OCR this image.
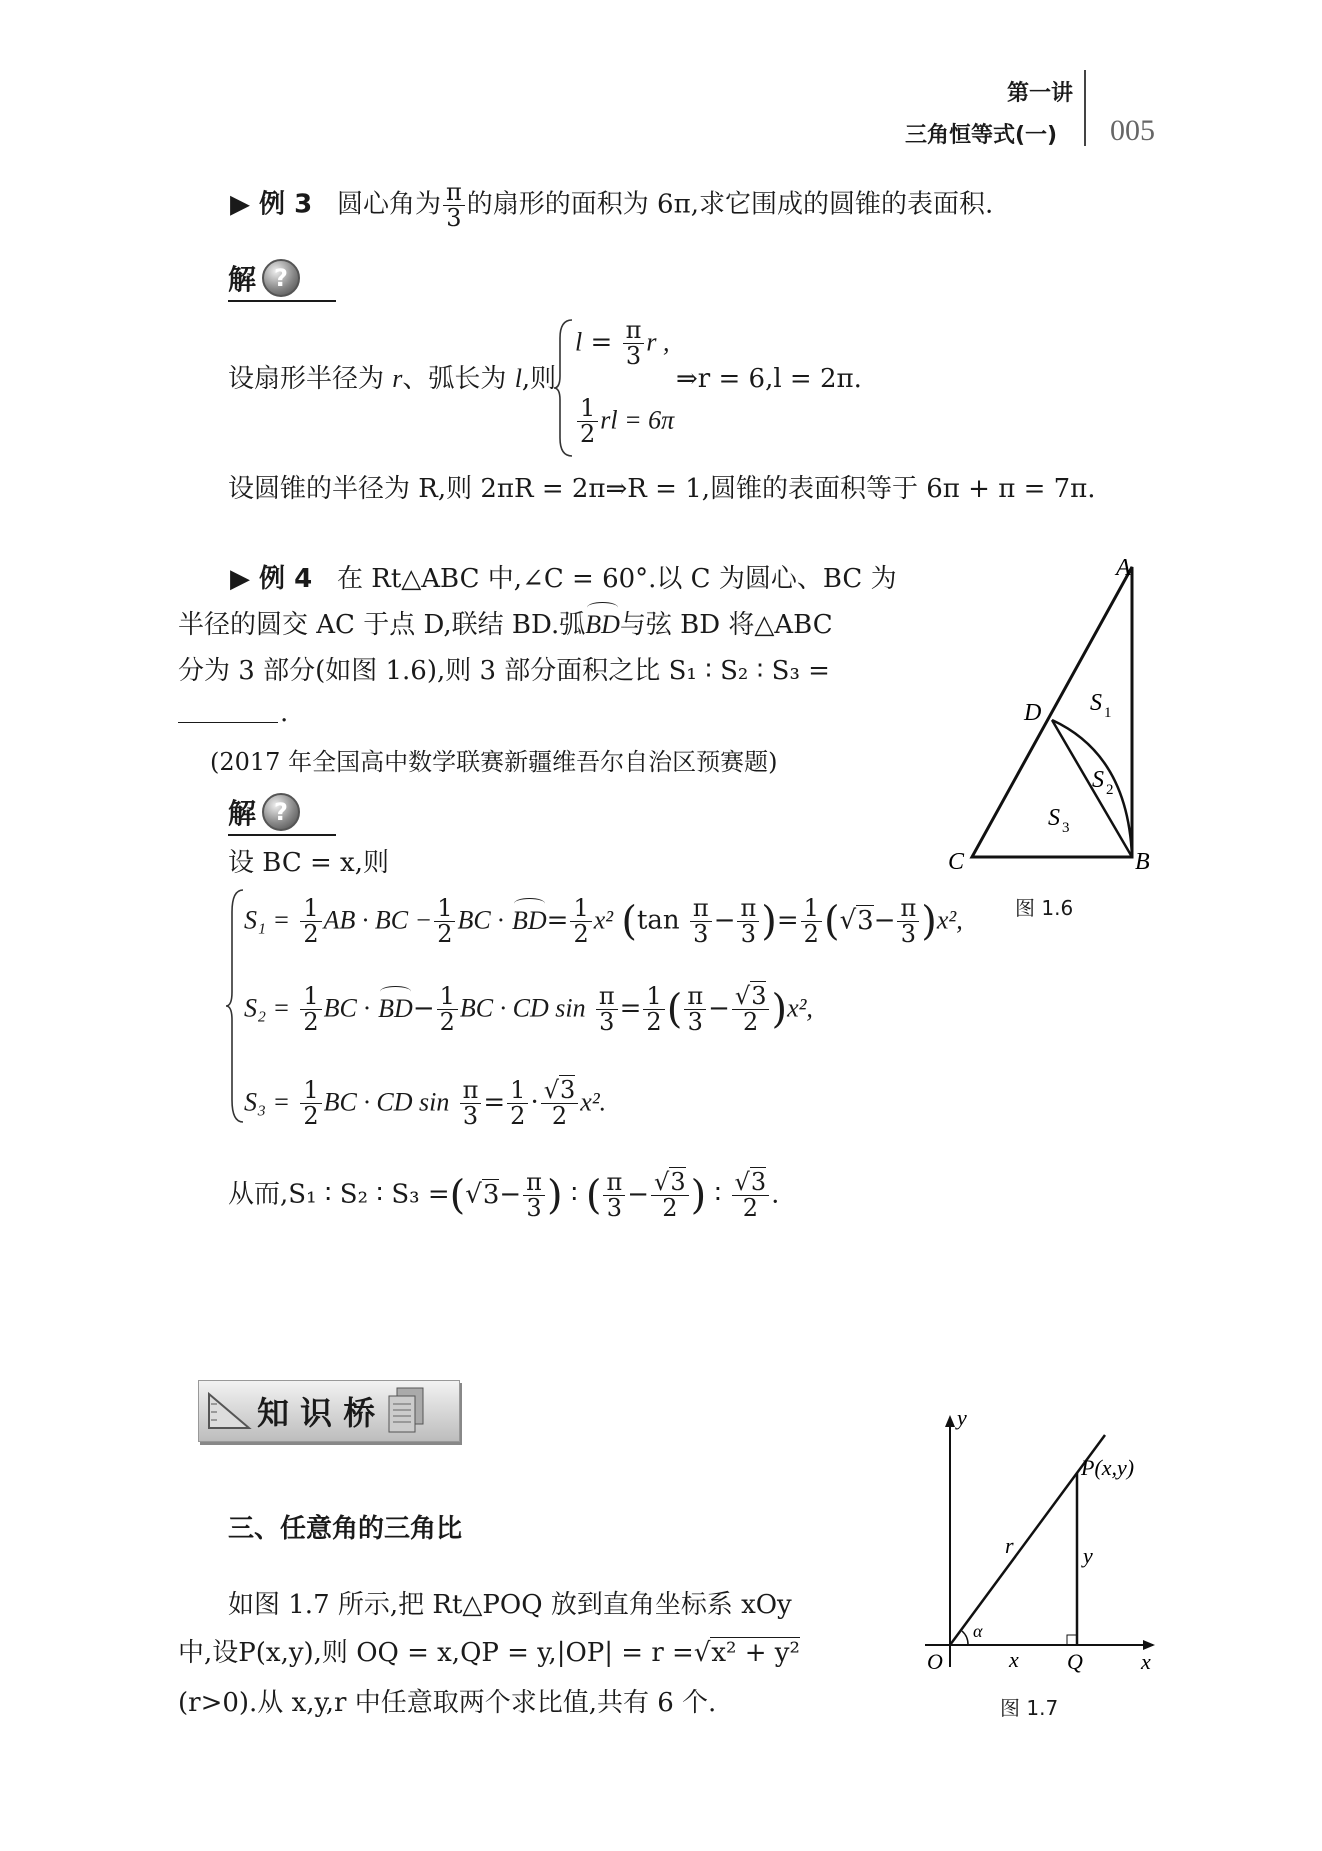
第一讲
三角恒等式(一) 005
▶ 例 3 圆心角为 $\frac{\pi}{3}$ 的扇形的面积为 6π,求它围成的圆锥的表面积.
解 ?
设扇形半径为 r、弧长为 l,则
$l = \frac{\pi}{3}$ r ,
$\frac{1}{2}$ rl = 6π
⇒r = 6,l = 2π.
设圆锥的半径为 R,则 2πR = 2π⇒R = 1,圆锥的表面积等于 6π + π = 7π.
▶ 例 4 在 Rt△ABC 中,∠C = 60°.以 C 为圆心、BC 为
半径的圆交 AC 于点 D,联结 BD.弧BD与弦 BD 将△ABC
分为 3 部分(如图 1.6),则 3 部分面积之比 S₁ ∶ S₂ ∶ S₃ =
.
(2017 年全国高中数学联赛新疆维吾尔自治区预赛题)
解 ?
设 BC = x,则
$S_1 = \frac{1}{2}$ AB · BC − $\frac{1}{2}$ BC · $BD= \frac{1}{2} x^2$ ($\tan \frac{\pi}{3} - \frac{\pi}{3}$ )= $\frac{1}{2} (√3- \frac{\pi}{3} )x^2$,
$S_2 = \frac{1}{2}$ BC · $BD- \frac{1}{2}$ BC · CD $\sin \frac{\pi}{3} = \frac{1}{2}$ ( $\frac{\pi}{3} - \frac{√3}{2} )x^2$,
$S_3 = \frac{1}{2}$ BC · CD $\sin \frac{\pi}{3} = \frac{1}{2} \cdot \frac{√3}{2} x^2$.
从而,S₁ ∶ S₂ ∶ $S_3 =(√3- \frac{\pi}{3}$ ) ∶ ( $\frac{\pi}{3} - \frac{√3}{2}$ ) ∶ $\frac{√3}{2}$ .
A
B
C
D S 1
S 2
S 3
图 1.6
知 识 桥
三、任意角的三角比
如图 1.7 所示,把 Rt△POQ 放到直角坐标系 xOy
中,设P(x,y),则 OQ = x,QP = y,|OP| = r =√x² + y²
(r>0).从 x,y,r 中任意取两个求比值,共有 6 个.
y
x
O	Q
P(x,y)
r	y
x
α
图 1.7
